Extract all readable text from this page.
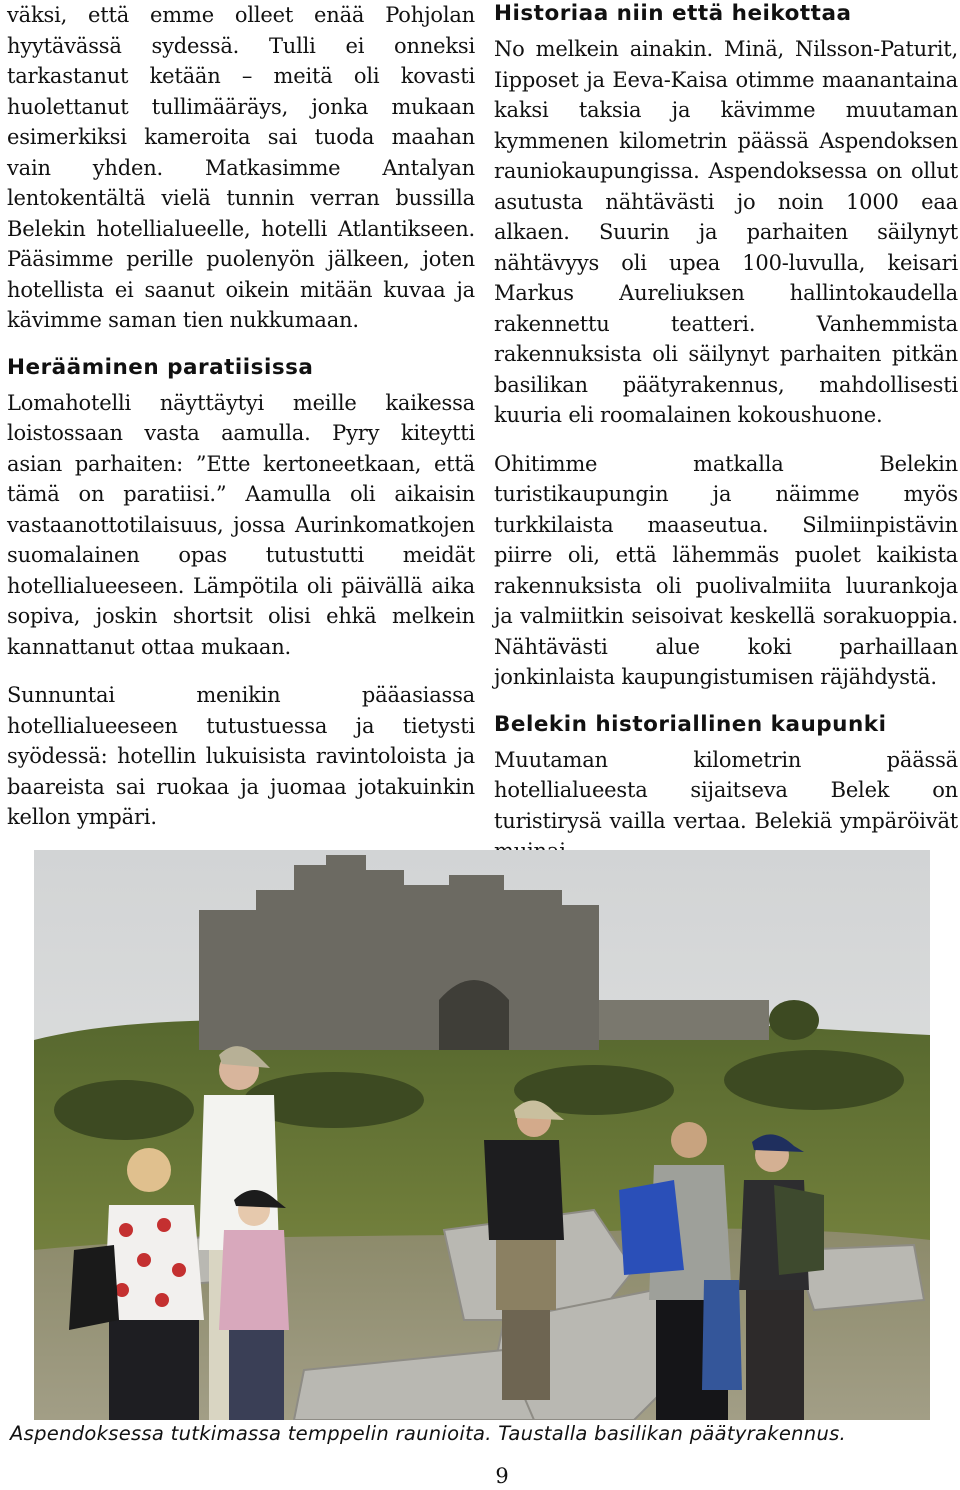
väksi, että emme olleet enää Pohjolan hyytävässä sydessä. Tulli ei onneksi tarkastanut ketään – meitä oli kovasti huolettanut tullimääräys, jonka mukaan esimerkiksi kameroita sai tuoda maahan vain yhden. Matkasimme Antalyan lentokentältä vielä tunnin verran bussilla Belekin hotellialueelle, hotelli Atlantikseen. Pääsimme perille puolenyön jälkeen, joten hotellista ei saanut oikein mitään kuvaa ja kävimme saman tien nukkumaan.

Herääminen paratiisissa

Lomahotelli näyttäytyi meille kaikessa loistossaan vasta aamulla. Pyry kiteytti asian parhaiten: ”Ette kertoneetkaan, että tämä on paratiisi.” Aamulla oli aikaisin vastaanottotilaisuus, jossa Aurinkomatkojen suomalainen opas tutustutti meidät hotellialueeseen. Lämpötila oli päivällä aika sopiva, joskin shortsit olisi ehkä melkein kannattanut ottaa mukaan.

Sunnuntai menikin pääasiassa hotellialueeseen tutustuessa ja tietysti syödessä: hotellin lukuisista ravintoloista ja baareista sai ruokaa ja juomaa jotakuinkin kellon ympäri.

Historiaa niin että heikottaa

No melkein ainakin. Minä, Nilsson-Paturit, Iipposet ja Eeva-Kaisa otimme maanantaina kaksi taksia ja kävimme muutaman kymmenen kilometrin päässä Aspendoksen rauniokaupungissa. Aspendoksessa on ollut asutusta nähtävästi jo noin 1000 eaa alkaen. Suurin ja parhaiten säilynyt nähtävyys oli upea 100-luvulla, keisari Markus Aureliuksen hallintokaudella rakennettu teatteri. Vanhemmista rakennuksista oli säilynyt parhaiten pitkän basilikan päätyrakennus, mahdollisesti kuuria eli roomalainen kokoushuone.

Ohitimme matkalla Belekin turistikaupungin ja näimme myös turkkilaista maaseutua. Silmiinpistävin piirre oli, että lähemmäs puolet kaikista rakennuksista oli puolivalmiita luurankoja ja valmiitkin seisoivat keskellä sorakuoppia. Nähtävästi alue koki parhaillaan jonkinlaista kaupungistumisen räjähdystä.

Belekin historiallinen kaupunki

Muutaman kilometrin päässä hotellialueesta sijaitseva Belek on turistirysä vailla vertaa. Belekiä ympäröivät

Aspendoksessa tutkimassa temppelin raunioita. Taustalla basilikan päätyrakennus.
9
